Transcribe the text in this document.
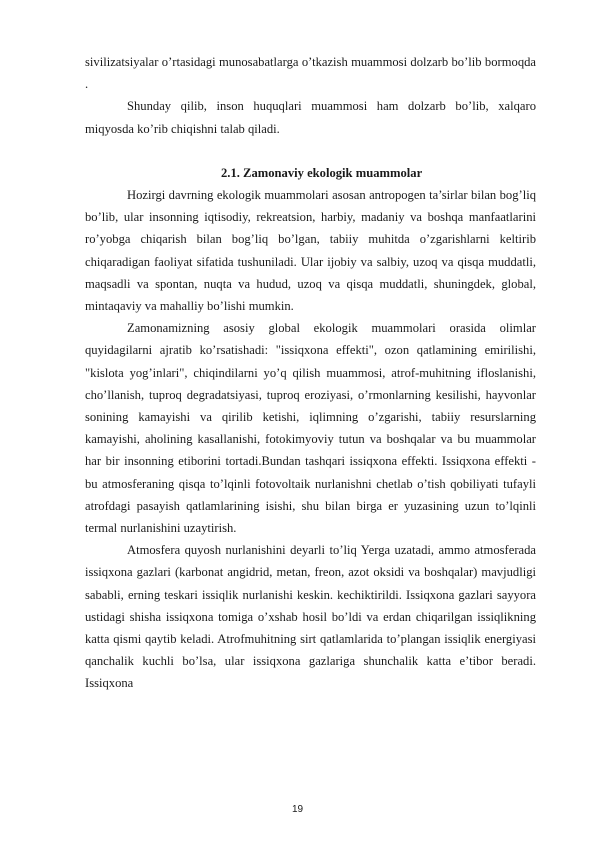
sivilizatsiyalar o’rtasidagi munosabatlarga o’tkazish muammosi dolzarb bo’lib bormoqda .

Shunday qilib, inson huquqlari muammosi ham dolzarb bo’lib, xalqaro miqyosda ko’rib chiqishni talab qiladi.

2.1. Zamonaviy ekologik muammolar

Hozirgi davrning ekologik muammolari asosan antropogen ta’sirlar bilan bog’liq bo’lib, ular insonning iqtisodiy, rekreatsion, harbiy, madaniy va boshqa manfaatlarini ro’yobga chiqarish bilan bog’liq bo’lgan, tabiiy muhitda o’zgarishlarni keltirib chiqaradigan faoliyat sifatida tushuniladi. Ular ijobiy va salbiy, uzoq va qisqa muddatli, maqsadli va spontan, nuqta va hudud, uzoq va qisqa muddatli, shuningdek, global, mintaqaviy va mahalliy bo’lishi mumkin.

Zamonamizning asosiy global ekologik muammolari orasida olimlar quyidagilarni ajratib ko’rsatishadi: "issiqxona effekti", ozon qatlamining emirilishi, "kislota yog’inlari", chiqindilarni yo’q qilish muammosi, atrof-muhitning ifloslanishi, cho’llanish, tuproq degradatsiyasi, tuproq eroziyasi, o’rmonlarning kesilishi, hayvonlar sonining kamayishi va qirilib ketishi, iqlimning o’zgarishi, tabiiy resurslarning kamayishi, aholining kasallanishi, fotokimyoviy tutun va boshqalar va bu muammolar har bir insonning etiborini tortadi.Bundan tashqari issiqxona effekti. Issiqxona effekti - bu atmosferaning qisqa to’lqinli fotovoltaik nurlanishni chetlab o’tish qobiliyati tufayli atrofdagi pasayish qatlamlarining isishi, shu bilan birga er yuzasining uzun to’lqinli termal nurlanishini uzaytirish.

Atmosfera quyosh nurlanishini deyarli to’liq Yerga uzatadi, ammo atmosferada issiqxona gazlari (karbonat angidrid, metan, freon, azot oksidi va boshqalar) mavjudligi sababli, erning teskari issiqlik nurlanishi keskin. kechiktirildi. Issiqxona gazlari sayyora ustidagi shisha issiqxona tomiga o’xshab hosil bo’ldi va erdan chiqarilgan issiqlikning katta qismi qaytib keladi. Atrofmuhitning sirt qatlamlarida to’plangan issiqlik energiyasi qanchalik kuchli bo’lsa, ular issiqxona gazlariga shunchalik katta e’tibor beradi. Issiqxona

19
